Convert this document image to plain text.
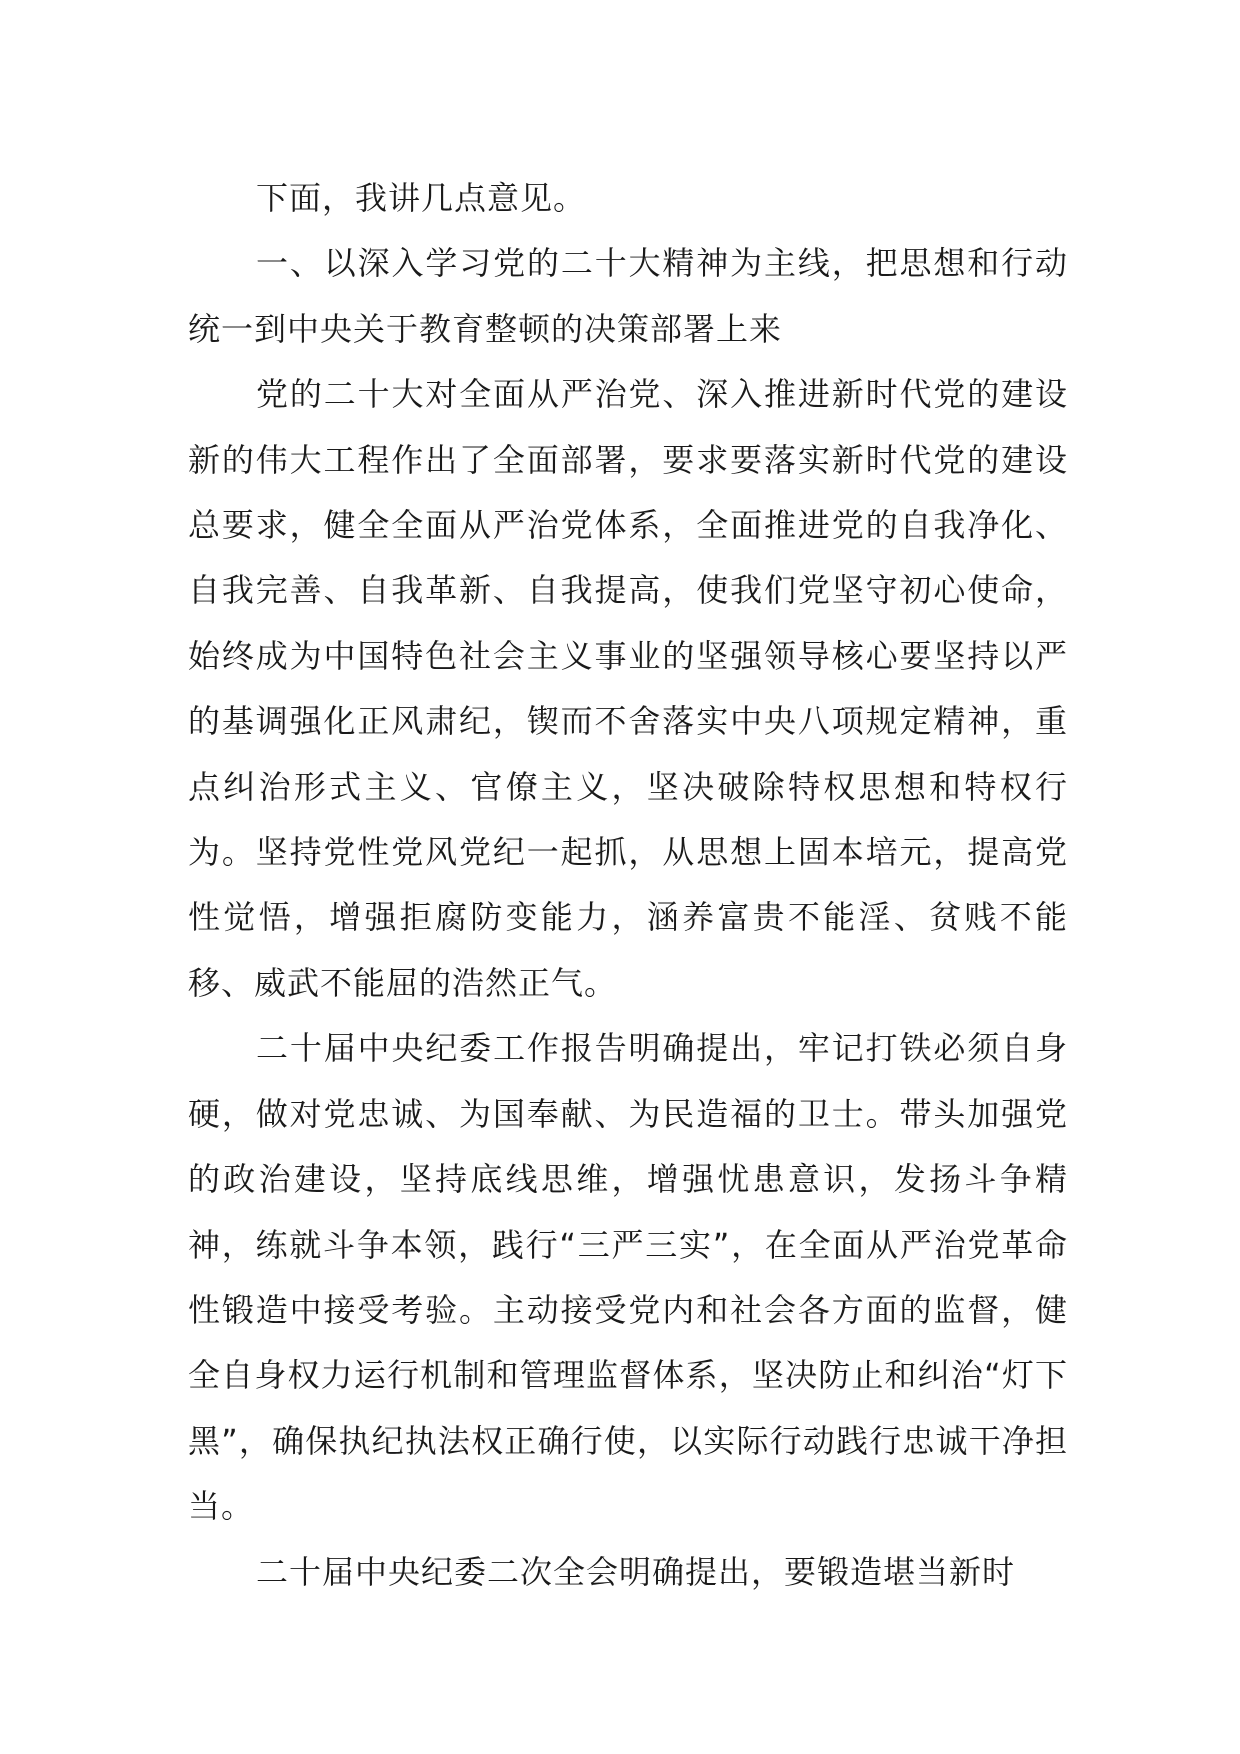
下面，我讲几点意见。

一、以深入学习党的二十大精神为主线，把思想和行动统一到中央关于教育整顿的决策部署上来

党的二十大对全面从严治党、深入推进新时代党的建设新的伟大工程作出了全面部署，要求要落实新时代党的建设总要求，健全全面从严治党体系，全面推进党的自我净化、自我完善、自我革新、自我提高，使我们党坚守初心使命，始终成为中国特色社会主义事业的坚强领导核心要坚持以严的基调强化正风肃纪，锲而不舍落实中央八项规定精神，重点纠治形式主义、官僚主义，坚决破除特权思想和特权行为。坚持党性党风党纪一起抓，从思想上固本培元，提高党性觉悟，增强拒腐防变能力，涵养富贵不能淫、贫贱不能移、威武不能屈的浩然正气。

二十届中央纪委工作报告明确提出，牢记打铁必须自身硬，做对党忠诚、为国奉献、为民造福的卫士。带头加强党的政治建设，坚持底线思维，增强忧患意识，发扬斗争精神，练就斗争本领，践行“三严三实”，在全面从严治党革命性锻造中接受考验。主动接受党内和社会各方面的监督，健全自身权力运行机制和管理监督体系，坚决防止和纠治“灯下黑”，确保执纪执法权正确行使，以实际行动践行忠诚干净担当。

二十届中央纪委二次全会明确提出，要锻造堪当新时
